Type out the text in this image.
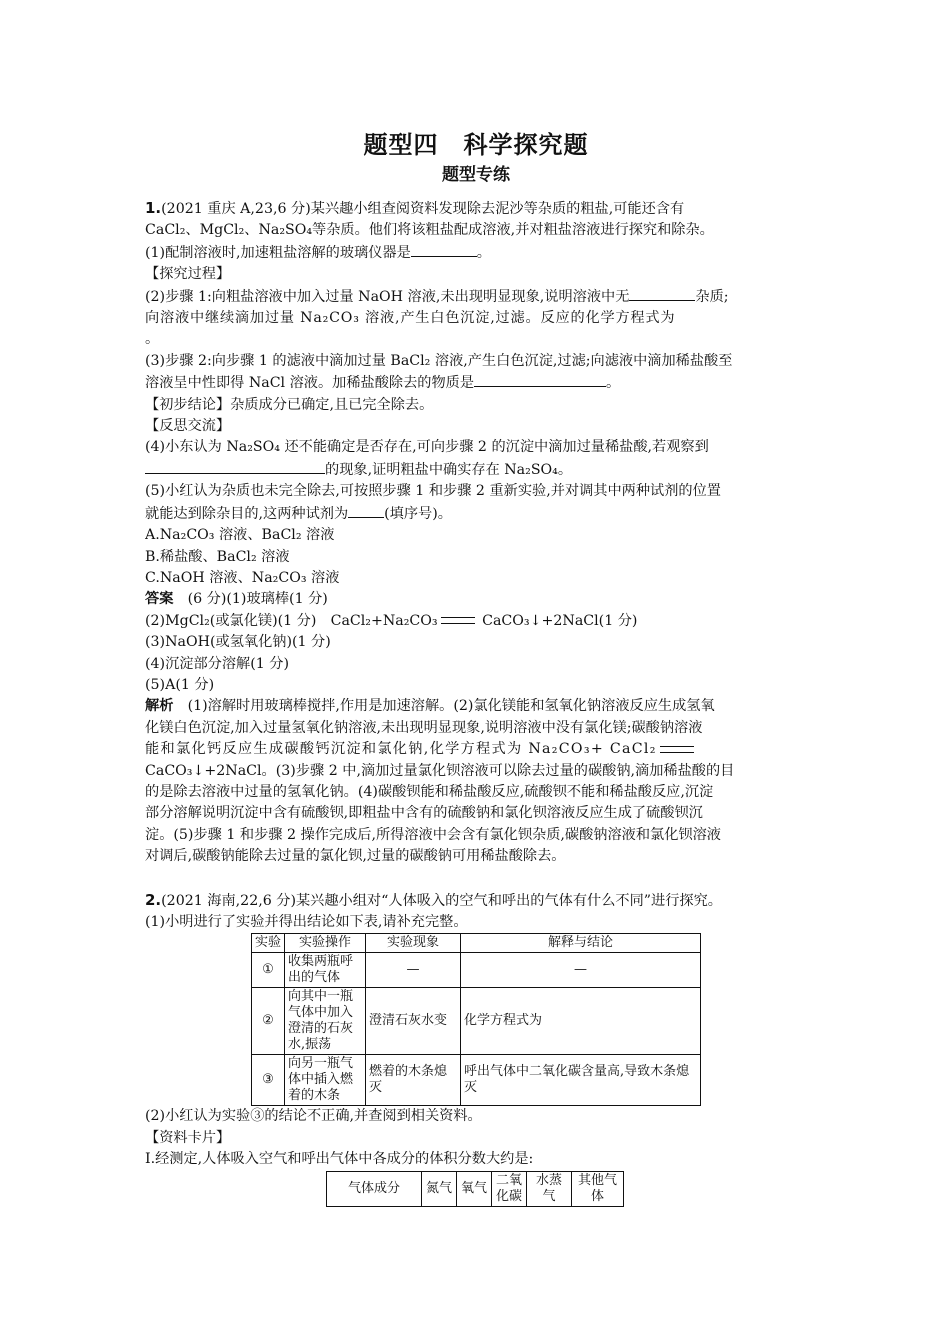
题型四　科学探究题
题型专练

1.(2021 重庆 A,23,6 分)某兴趣小组查阅资料发现除去泥沙等杂质的粗盐,可能还含有

CaCl₂、MgCl₂、Na₂SO₄等杂质。他们将该粗盐配成溶液,并对粗盐溶液进行探究和除杂。

(1)配制溶液时,加速粗盐溶解的玻璃仪器是	。

【探究过程】

(2)步骤 1:向粗盐溶液中加入过量 NaOH 溶液,未出现明显现象,说明溶液中无	杂质;

向溶液中继续滴加过量 Na₂CO₃ 溶液,产生白色沉淀,过滤。反应的化学方程式为

。

(3)步骤 2:向步骤 1 的滤液中滴加过量 BaCl₂ 溶液,产生白色沉淀,过滤;向滤液中滴加稀盐酸至

溶液呈中性即得 NaCl 溶液。加稀盐酸除去的物质是	。

【初步结论】杂质成分已确定,且已完全除去。

【反思交流】

(4)小东认为 Na₂SO₄ 还不能确定是否存在,可向步骤 2 的沉淀中滴加过量稀盐酸,若观察到

的现象,证明粗盐中确实存在 Na₂SO₄。

(5)小红认为杂质也未完全除去,可按照步骤 1 和步骤 2 重新实验,并对调其中两种试剂的位置

就能达到除杂目的,这两种试剂为	(填序号)。

A.Na₂CO₃ 溶液、BaCl₂ 溶液

B.稀盐酸、BaCl₂ 溶液

C.NaOH 溶液、Na₂CO₃ 溶液

答案　(6 分)(1)玻璃棒(1 分)

(2)MgCl₂(或氯化镁)(1 分)　CaCl₂+Na₂CO₃	CaCO₃↓+2NaCl(1 分)

(3)NaOH(或氢氧化钠)(1 分)

(4)沉淀部分溶解(1 分)

(5)A(1 分)

解析　(1)溶解时用玻璃棒搅拌,作用是加速溶解。(2)氯化镁能和氢氧化钠溶液反应生成氢氧

化镁白色沉淀,加入过量氢氧化钠溶液,未出现明显现象,说明溶液中没有氯化镁;碳酸钠溶液

能和氯化钙反应生成碳酸钙沉淀和氯化钠,化学方程式为 Na₂CO₃+ CaCl₂

CaCO₃↓+2NaCl。(3)步骤 2 中,滴加过量氯化钡溶液可以除去过量的碳酸钠,滴加稀盐酸的目

的是除去溶液中过量的氢氧化钠。(4)碳酸钡能和稀盐酸反应,硫酸钡不能和稀盐酸反应,沉淀

部分溶解说明沉淀中含有硫酸钡,即粗盐中含有的硫酸钠和氯化钡溶液反应生成了硫酸钡沉

淀。(5)步骤 1 和步骤 2 操作完成后,所得溶液中会含有氯化钡杂质,碳酸钠溶液和氯化钡溶液

对调后,碳酸钠能除去过量的氯化钡,过量的碳酸钠可用稀盐酸除去。

2.(2021 海南,22,6 分)某兴趣小组对“人体吸入的空气和呼出的气体有什么不同”进行探究。

(1)小明进行了实验并得出结论如下表,请补充完整。

实验	实验操作	实验现象	解释与结论
①	收集两瓶呼出的气体	—	—
②	向其中一瓶气体中加入澄清的石灰水,振荡	澄清石灰水变	化学方程式为
③	向另一瓶气体中插入燃着的木条	燃着的木条熄灭	呼出气体中二氧化碳含量高,导致木条熄灭

(2)小红认为实验③的结论不正确,并查阅到相关资料。

【资料卡片】

Ⅰ.经测定,人体吸入空气和呼出气体中各成分的体积分数大约是:

气体成分	氮气	氧气	二氧化碳	水蒸气	其他气体
